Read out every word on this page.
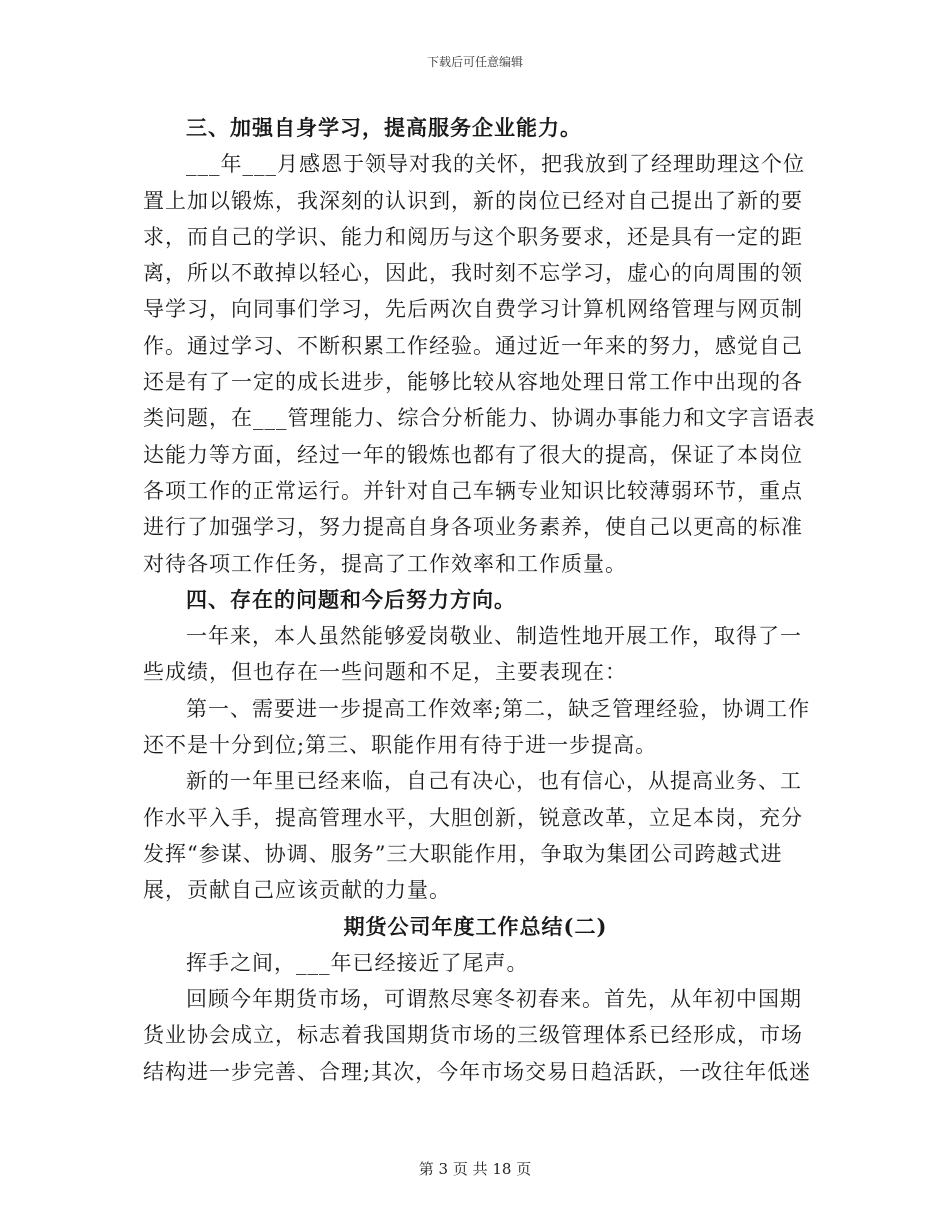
下载后可任意编辑
三、加强自身学习，提高服务企业能力。
___年___月感恩于领导对我的关怀，把我放到了经理助理这个位
置上加以锻炼，我深刻的认识到，新的岗位已经对自己提出了新的要
求，而自己的学识、能力和阅历与这个职务要求，还是具有一定的距
离，所以不敢掉以轻心，因此，我时刻不忘学习，虚心的向周围的领
导学习，向同事们学习，先后两次自费学习计算机网络管理与网页制
作。通过学习、不断积累工作经验。通过近一年来的努力，感觉自己
还是有了一定的成长进步，能够比较从容地处理日常工作中出现的各
类问题，在___管理能力、综合分析能力、协调办事能力和文字言语表
达能力等方面，经过一年的锻炼也都有了很大的提高，保证了本岗位
各项工作的正常运行。并针对自己车辆专业知识比较薄弱环节，重点
进行了加强学习，努力提高自身各项业务素养，使自己以更高的标准
对待各项工作任务，提高了工作效率和工作质量。
四、存在的问题和今后努力方向。
一年来，本人虽然能够爱岗敬业、制造性地开展工作，取得了一
些成绩，但也存在一些问题和不足，主要表现在：
第一、需要进一步提高工作效率;第二，缺乏管理经验，协调工作
还不是十分到位;第三、职能作用有待于进一步提高。
新的一年里已经来临，自己有决心，也有信心，从提高业务、工
作水平入手，提高管理水平，大胆创新，锐意改革，立足本岗，充分
发挥“参谋、协调、服务”三大职能作用，争取为集团公司跨越式进
展，贡献自己应该贡献的力量。
期货公司年度工作总结(二)
挥手之间，___年已经接近了尾声。
回顾今年期货市场，可谓熬尽寒冬初春来。首先，从年初中国期
货业协会成立，标志着我国期货市场的三级管理体系已经形成，市场
结构进一步完善、合理;其次，今年市场交易日趋活跃，一改往年低迷
第 3 页 共 18 页
